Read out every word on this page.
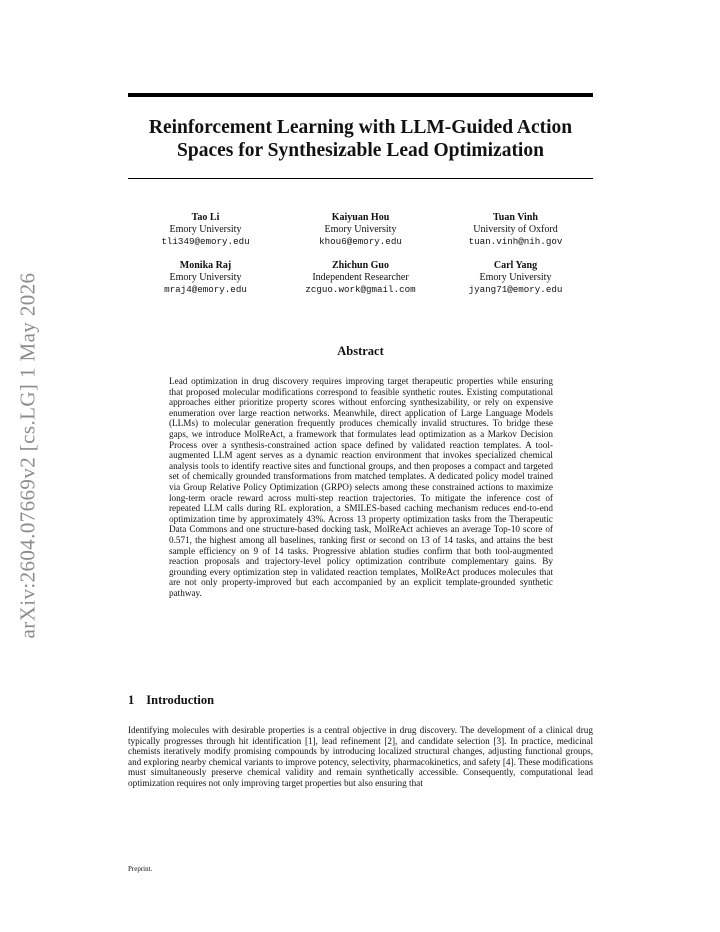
arXiv:2604.07669v2 [cs.LG] 1 May 2026
Reinforcement Learning with LLM-Guided Action
Spaces for Synthesizable Lead Optimization
Tao Li
Emory University
tli349@emory.edu
Kaiyuan Hou
Emory University
khou6@emory.edu
Tuan Vinh
University of Oxford
tuan.vinh@nih.gov
Monika Raj
Emory University
mraj4@emory.edu
Zhichun Guo
Independent Researcher
zcguo.work@gmail.com
Carl Yang
Emory University
jyang71@emory.edu
Abstract
Lead optimization in drug discovery requires improving target therapeutic properties while ensuring that proposed molecular modifications correspond to feasible synthetic routes. Existing computational approaches either prioritize property scores without enforcing synthesizability, or rely on expensive enumeration over large reaction networks. Meanwhile, direct application of Large Language Models (LLMs) to molecular generation frequently produces chemically invalid structures. To bridge these gaps, we introduce MolReAct, a framework that formulates lead optimization as a Markov Decision Process over a synthesis-constrained action space defined by validated reaction templates. A tool-augmented LLM agent serves as a dynamic reaction environment that invokes specialized chemical analysis tools to identify reactive sites and functional groups, and then proposes a compact and targeted set of chemically grounded transformations from matched templates. A dedicated policy model trained via Group Relative Policy Optimization (GRPO) selects among these constrained actions to maximize long-term oracle reward across multi-step reaction trajectories. To mitigate the inference cost of repeated LLM calls during RL exploration, a SMILES-based caching mechanism reduces end-to-end optimization time by approximately 43%. Across 13 property optimization tasks from the Therapeutic Data Commons and one structure-based docking task, MolReAct achieves an average Top-10 score of 0.571, the highest among all baselines, ranking first or second on 13 of 14 tasks, and attains the best sample efficiency on 9 of 14 tasks. Progressive ablation studies confirm that both tool-augmented reaction proposals and trajectory-level policy optimization contribute complementary gains. By grounding every optimization step in validated reaction templates, MolReAct produces molecules that are not only property-improved but each accompanied by an explicit template-grounded synthetic pathway.
1 Introduction
Identifying molecules with desirable properties is a central objective in drug discovery. The development of a clinical drug typically progresses through hit identification [1], lead refinement [2], and candidate selection [3]. In practice, medicinal chemists iteratively modify promising compounds by introducing localized structural changes, adjusting functional groups, and exploring nearby chemical variants to improve potency, selectivity, pharmacokinetics, and safety [4]. These modifications must simultaneously preserve chemical validity and remain synthetically accessible. Consequently, computational lead optimization requires not only improving target properties but also ensuring that
Preprint.
